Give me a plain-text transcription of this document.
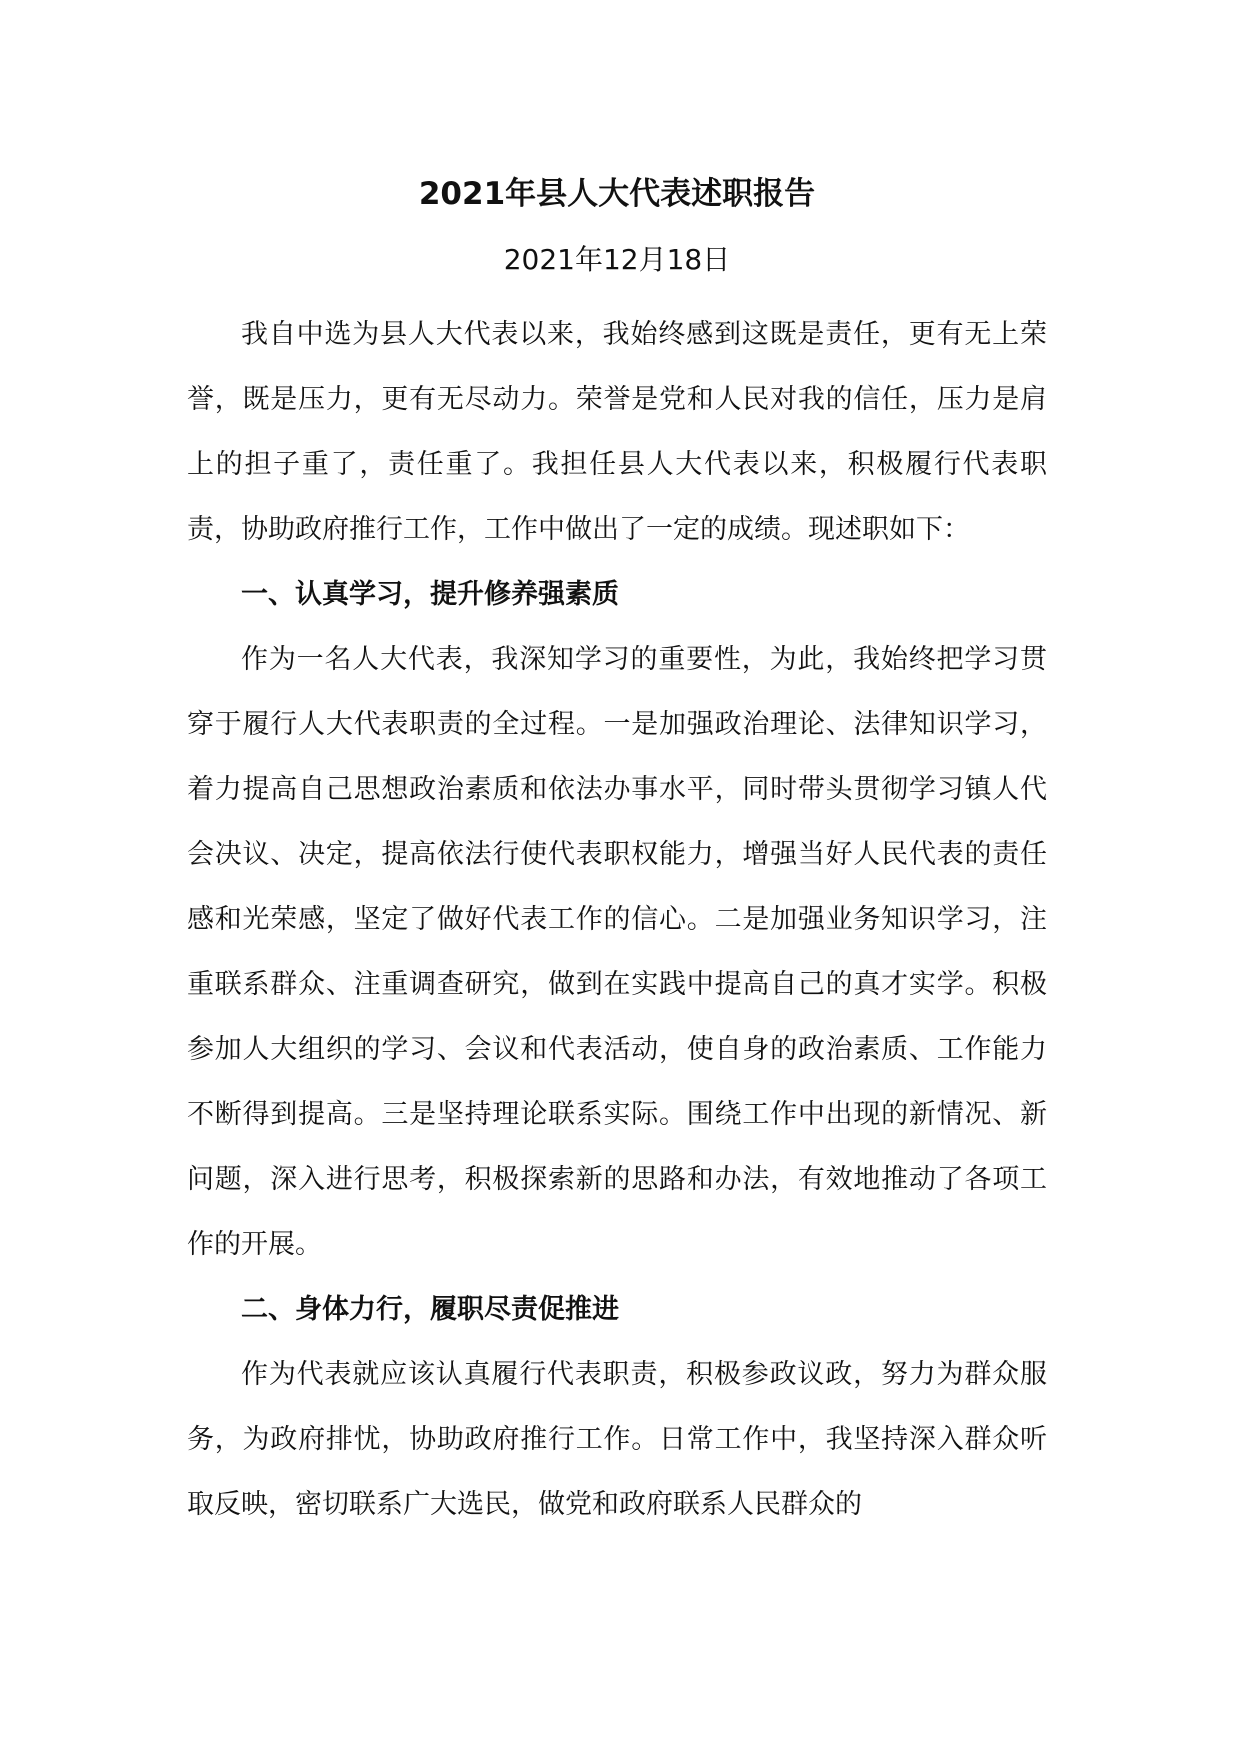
2021年县人大代表述职报告
2021年12月18日

我自中选为县人大代表以来，我始终感到这既是责任，更有无上荣誉，既是压力，更有无尽动力。荣誉是党和人民对我的信任，压力是肩上的担子重了，责任重了。我担任县人大代表以来，积极履行代表职责，协助政府推行工作，工作中做出了一定的成绩。现述职如下：

一、认真学习，提升修养强素质

作为一名人大代表，我深知学习的重要性，为此，我始终把学习贯穿于履行人大代表职责的全过程。一是加强政治理论、法律知识学习，着力提高自己思想政治素质和依法办事水平，同时带头贯彻学习镇人代会决议、决定，提高依法行使代表职权能力，增强当好人民代表的责任感和光荣感，坚定了做好代表工作的信心。二是加强业务知识学习，注重联系群众、注重调查研究，做到在实践中提高自己的真才实学。积极参加人大组织的学习、会议和代表活动，使自身的政治素质、工作能力不断得到提高。三是坚持理论联系实际。围绕工作中出现的新情况、新问题，深入进行思考，积极探索新的思路和办法，有效地推动了各项工作的开展。

二、身体力行，履职尽责促推进

作为代表就应该认真履行代表职责，积极参政议政，努力为群众服务，为政府排忧，协助政府推行工作。日常工作中，我坚持深入群众听取反映，密切联系广大选民，做党和政府联系人民群众的
